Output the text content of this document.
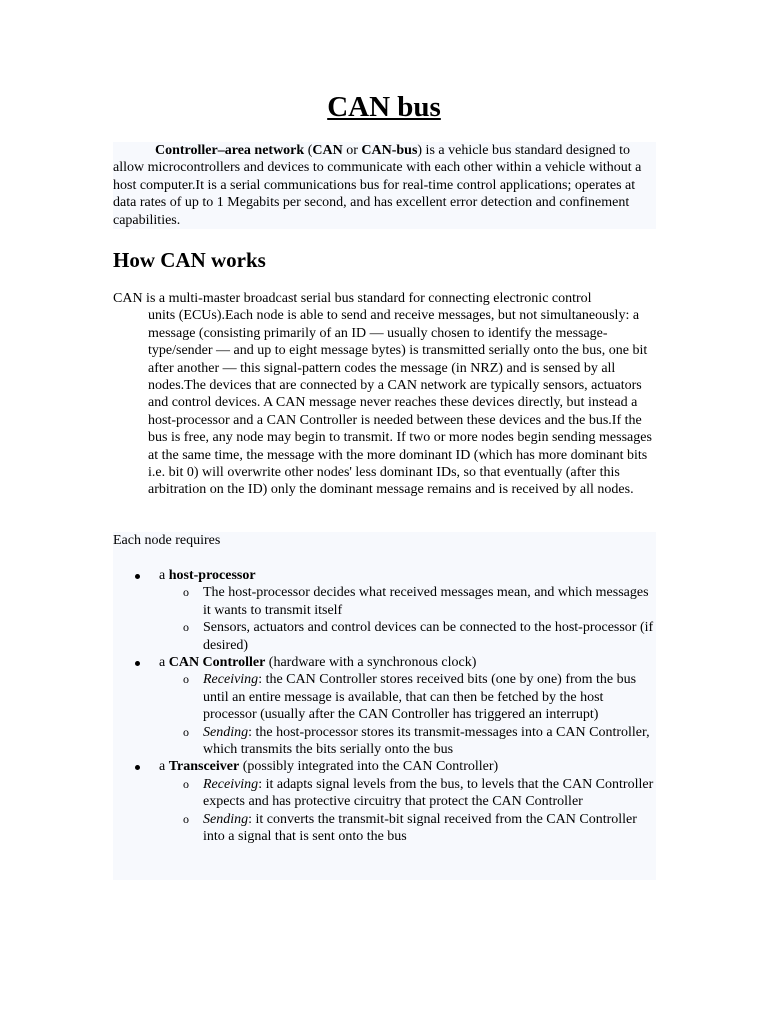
CAN bus

Controller–area network (CAN or CAN-bus) is a vehicle bus standard designed to allow microcontrollers and devices to communicate with each other within a vehicle without a host computer.It is a serial communications bus for real-time control applications; operates at data rates of up to 1 Megabits per second, and has excellent error detection and confinement capabilities.

How CAN works

CAN is a multi-master broadcast serial bus standard for connecting electronic control
units (ECUs).Each node is able to send and receive messages, but not simultaneously: a message (consisting primarily of an ID — usually chosen to identify the message-type/sender — and up to eight message bytes) is transmitted serially onto the bus, one bit after another — this signal-pattern codes the message (in NRZ) and is sensed by all nodes.The devices that are connected by a CAN network are typically sensors, actuators and control devices. A CAN message never reaches these devices directly, but instead a host-processor and a CAN Controller is needed between these devices and the bus.If the bus is free, any node may begin to transmit. If two or more nodes begin sending messages at the same time, the message with the more dominant ID (which has more dominant bits i.e. bit 0) will overwrite other nodes' less dominant IDs, so that eventually (after this arbitration on the ID) only the dominant message remains and is received by all nodes.

Each node requires

a host-processor
o The host-processor decides what received messages mean, and which messages it wants to transmit itself
o Sensors, actuators and control devices can be connected to the host-processor (if desired)
a CAN Controller (hardware with a synchronous clock)
o Receiving: the CAN Controller stores received bits (one by one) from the bus until an entire message is available, that can then be fetched by the host processor (usually after the CAN Controller has triggered an interrupt)
o Sending: the host-processor stores its transmit-messages into a CAN Controller, which transmits the bits serially onto the bus
a Transceiver (possibly integrated into the CAN Controller)
o Receiving: it adapts signal levels from the bus, to levels that the CAN Controller expects and has protective circuitry that protect the CAN Controller
o Sending: it converts the transmit-bit signal received from the CAN Controller into a signal that is sent onto the bus
